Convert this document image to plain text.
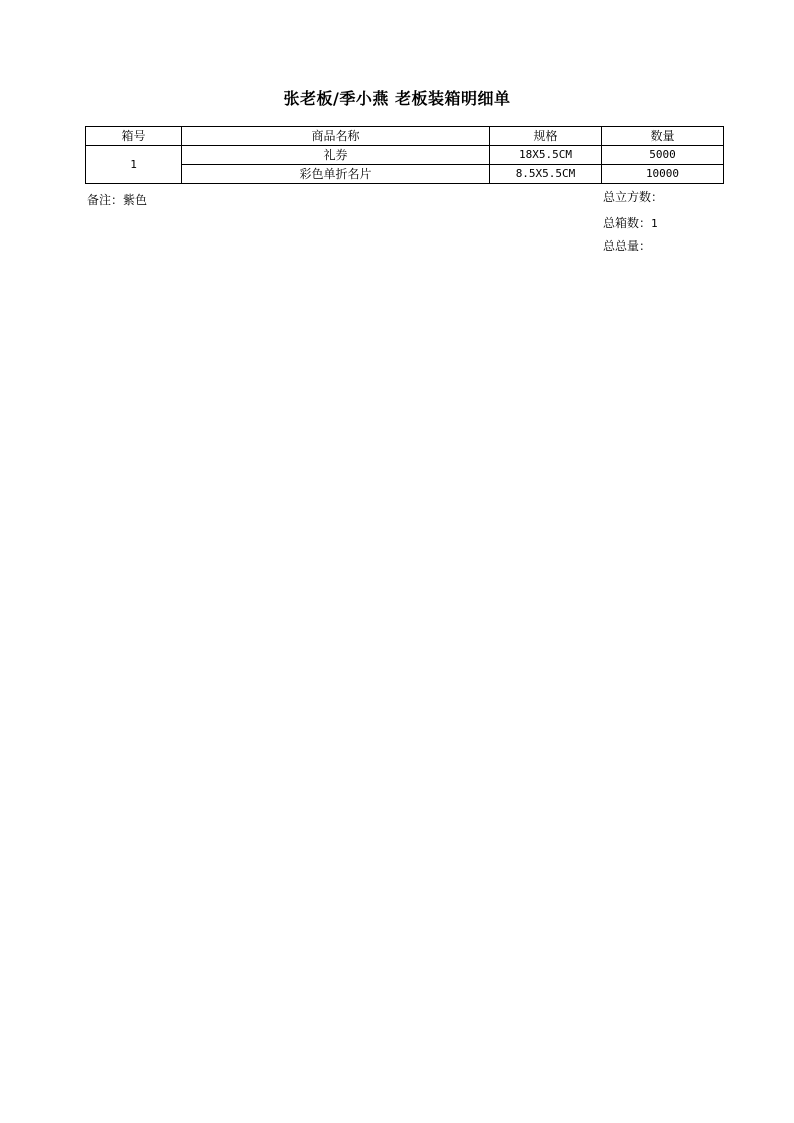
张老板/季小燕 老板装箱明细单
箱号	商品名称	规格	数量
1	礼券	18X5.5CM	5000
	彩色单折名片	8.5X5.5CM	10000
备注：紫色	总立方数：
总箱数：1
总总量：
